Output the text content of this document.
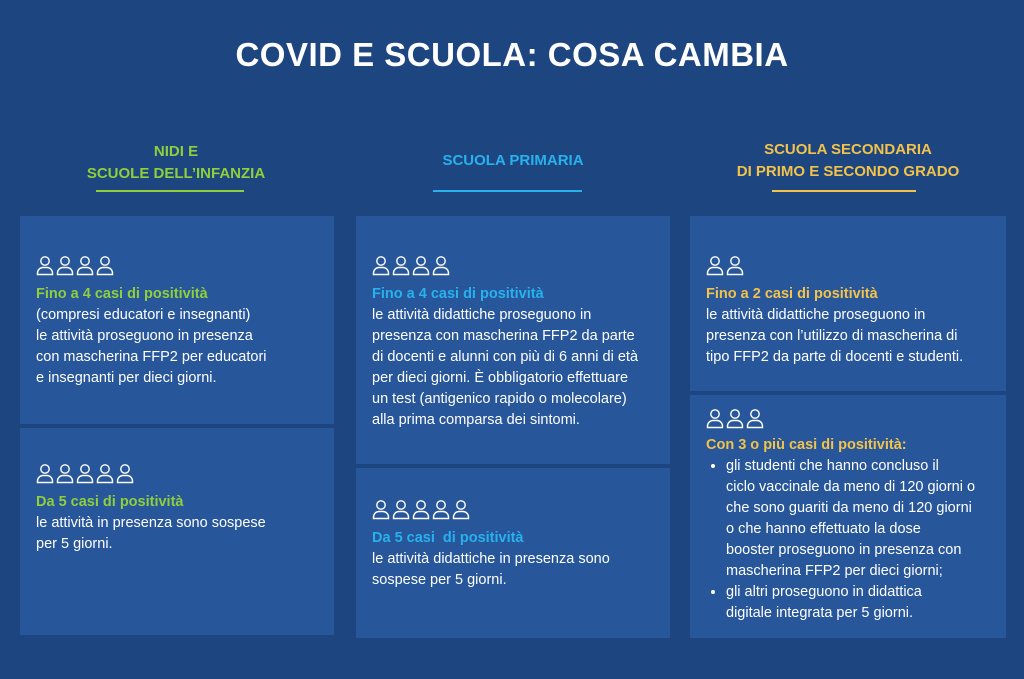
COVID E SCUOLA: COSA CAMBIA
NIDI E
SCUOLE DELL’INFANZIA
SCUOLA PRIMARIA
SCUOLA SECONDARIA
DI PRIMO E SECONDO GRADO
Fino a 4 casi di positività
(compresi educatori e insegnanti)
le attività proseguono in presenza
con mascherina FFP2 per educatori
e insegnanti per dieci giorni.
Da 5 casi di positività
le attività in presenza sono sospese
per 5 giorni.
Fino a 4 casi di positività
le attività didattiche proseguono in
presenza con mascherina FFP2 da parte
di docenti e alunni con più di 6 anni di età
per dieci giorni. È obbligatorio effettuare
un test (antigenico rapido o molecolare)
alla prima comparsa dei sintomi.
Da 5 casi  di positività
le attività didattiche in presenza sono
sospese per 5 giorni.
Fino a 2 casi di positività
le attività didattiche proseguono in
presenza con l’utilizzo di mascherina di
tipo FFP2 da parte di docenti e studenti.
Con 3 o più casi di positività:
• gli studenti che hanno concluso il
ciclo vaccinale da meno di 120 giorni o
che sono guariti da meno di 120 giorni
o che hanno effettuato la dose
booster proseguono in presenza con
mascherina FFP2 per dieci giorni;
• gli altri proseguono in didattica
digitale integrata per 5 giorni.
